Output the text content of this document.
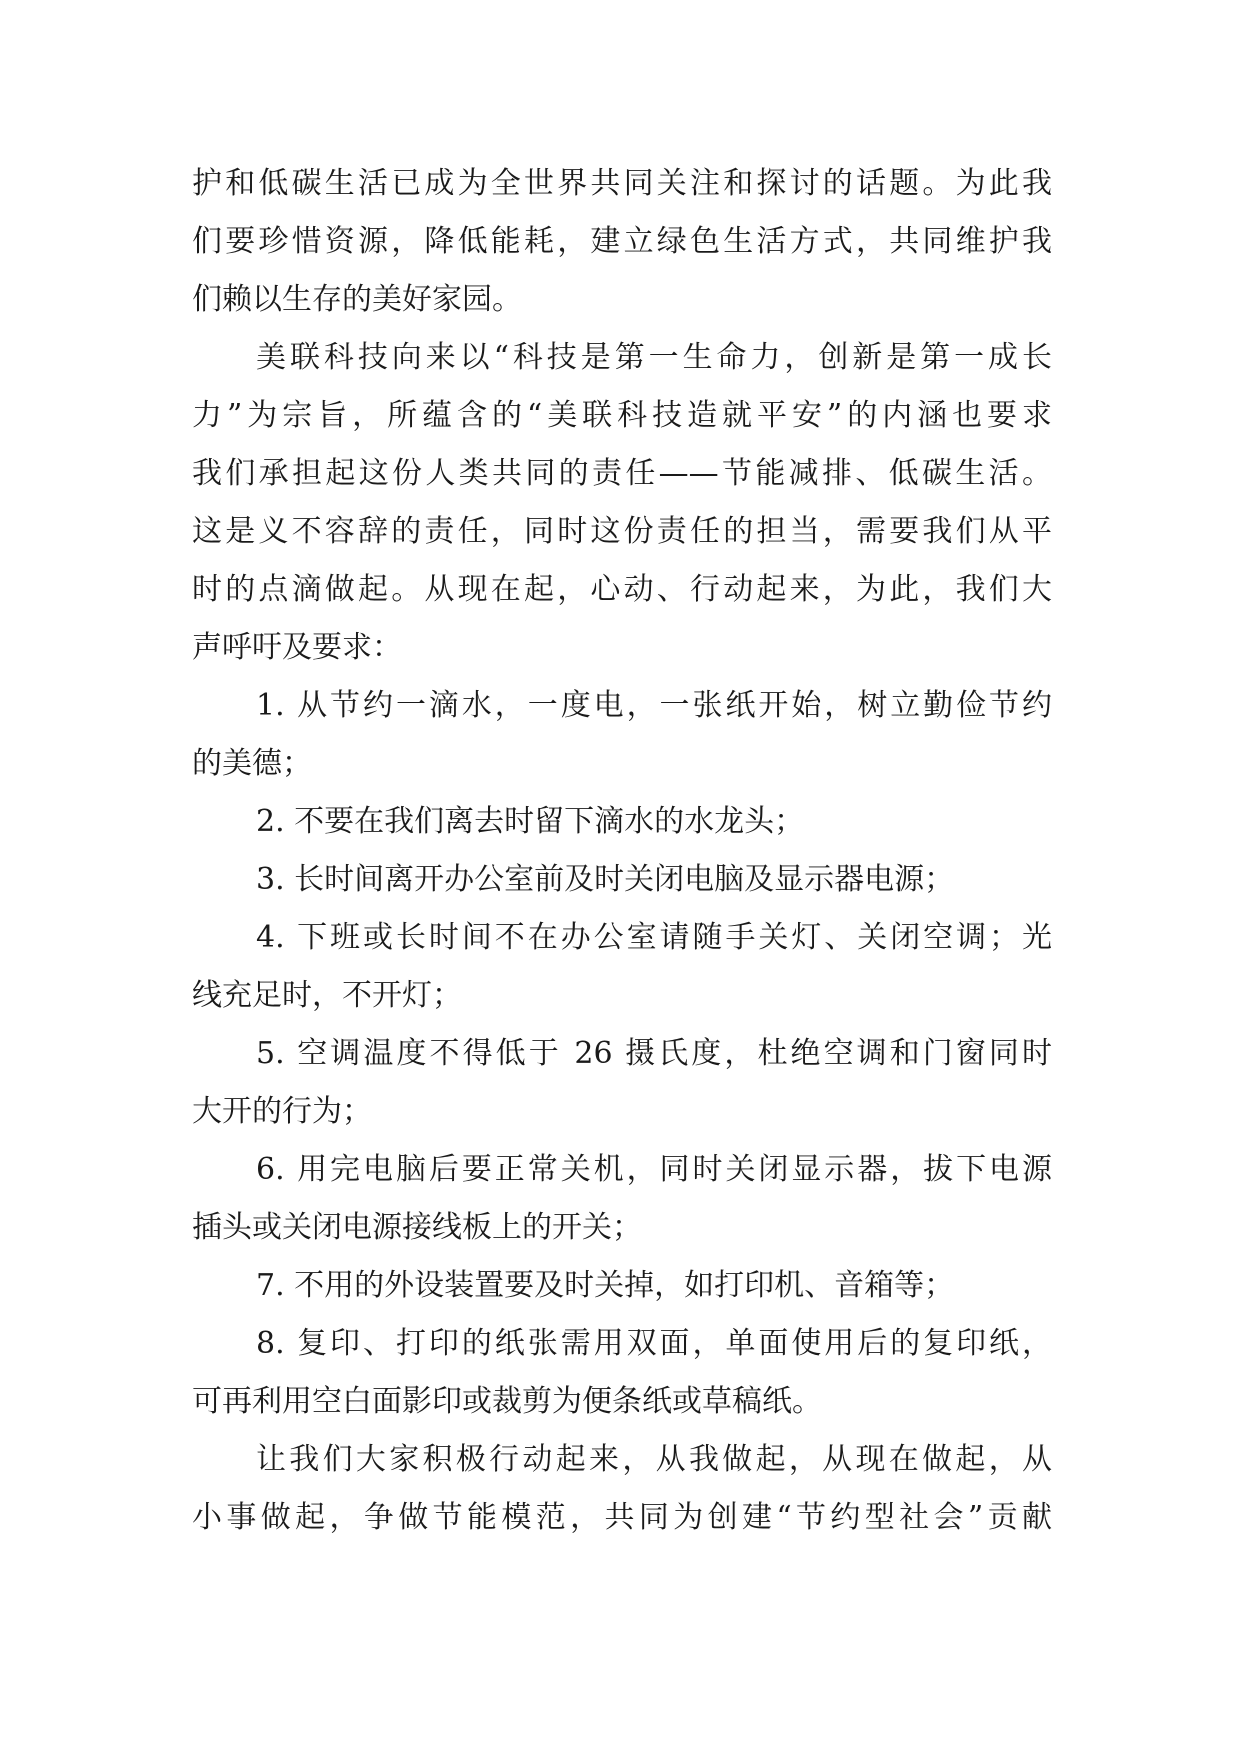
护和低碳生活已成为全世界共同关注和探讨的话题。为此我
们要珍惜资源，降低能耗，建立绿色生活方式，共同维护我
们赖以生存的美好家园。
美联科技向来以“科技是第一生命力，创新是第一成长
力”为宗旨，所蕴含的“美联科技造就平安”的内涵也要求
我们承担起这份人类共同的责任——节能减排、低碳生活。
这是义不容辞的责任，同时这份责任的担当，需要我们从平
时的点滴做起。从现在起，心动、行动起来，为此，我们大
声呼吁及要求：
1. 从节约一滴水，一度电，一张纸开始，树立勤俭节约
的美德；
2. 不要在我们离去时留下滴水的水龙头；
3. 长时间离开办公室前及时关闭电脑及显示器电源；
4. 下班或长时间不在办公室请随手关灯、关闭空调；光
线充足时，不开灯；
5. 空调温度不得低于 26 摄氏度，杜绝空调和门窗同时
大开的行为；
6. 用完电脑后要正常关机，同时关闭显示器，拔下电源
插头或关闭电源接线板上的开关；
7. 不用的外设装置要及时关掉，如打印机、音箱等；
8. 复印、打印的纸张需用双面，单面使用后的复印纸，
可再利用空白面影印或裁剪为便条纸或草稿纸。
让我们大家积极行动起来，从我做起，从现在做起，从
小事做起，争做节能模范，共同为创建“节约型社会”贡献
